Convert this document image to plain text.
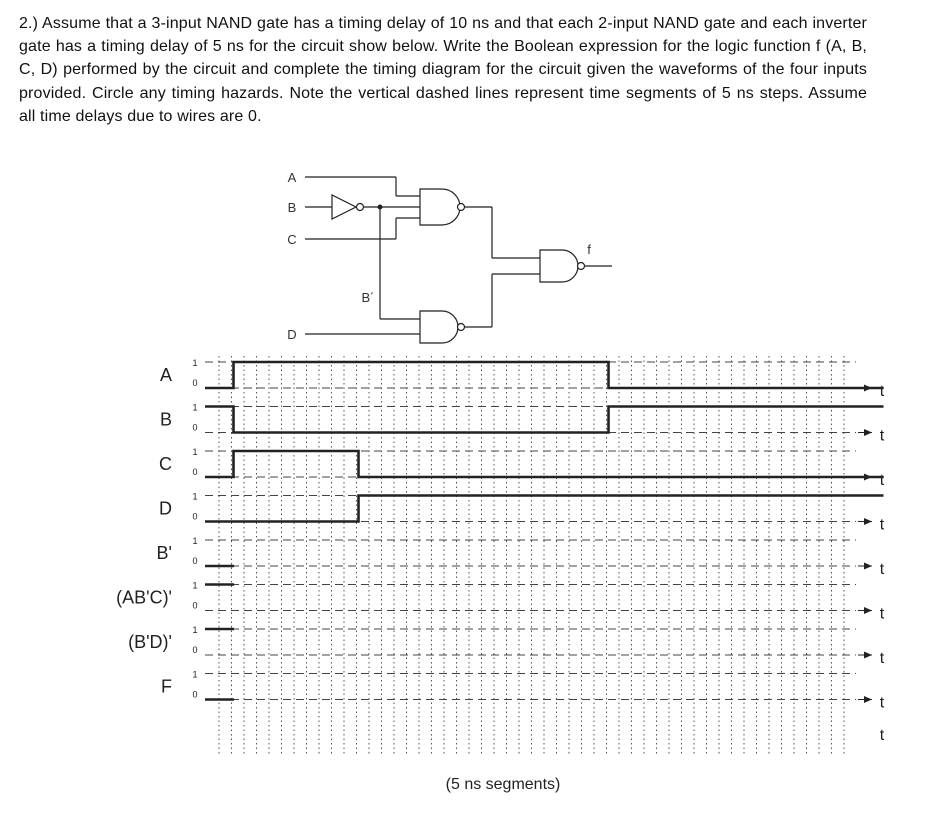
2.) Assume that a 3-input NAND gate has a timing delay of 10 ns and that each 2-input NAND gate and each inverter gate has a timing delay of 5 ns for the circuit show below. Write the Boolean expression for the logic function f (A, B, C, D) performed by the circuit and complete the timing diagram for the circuit given the waveforms of the four inputs provided. Circle any timing hazards. Note the vertical dashed lines represent time segments of 5 ns steps. Assume all time delays due to wires are 0.
A
B
C
D
B´
f
A
1
0	t
B
1
0	t
C
1
0	t
D
1
0	t
B'
1
0	t
(AB'C)'
1
0	t
(B'D)'
1
0	t
F
1
0	t
(5 ns segments)
t
